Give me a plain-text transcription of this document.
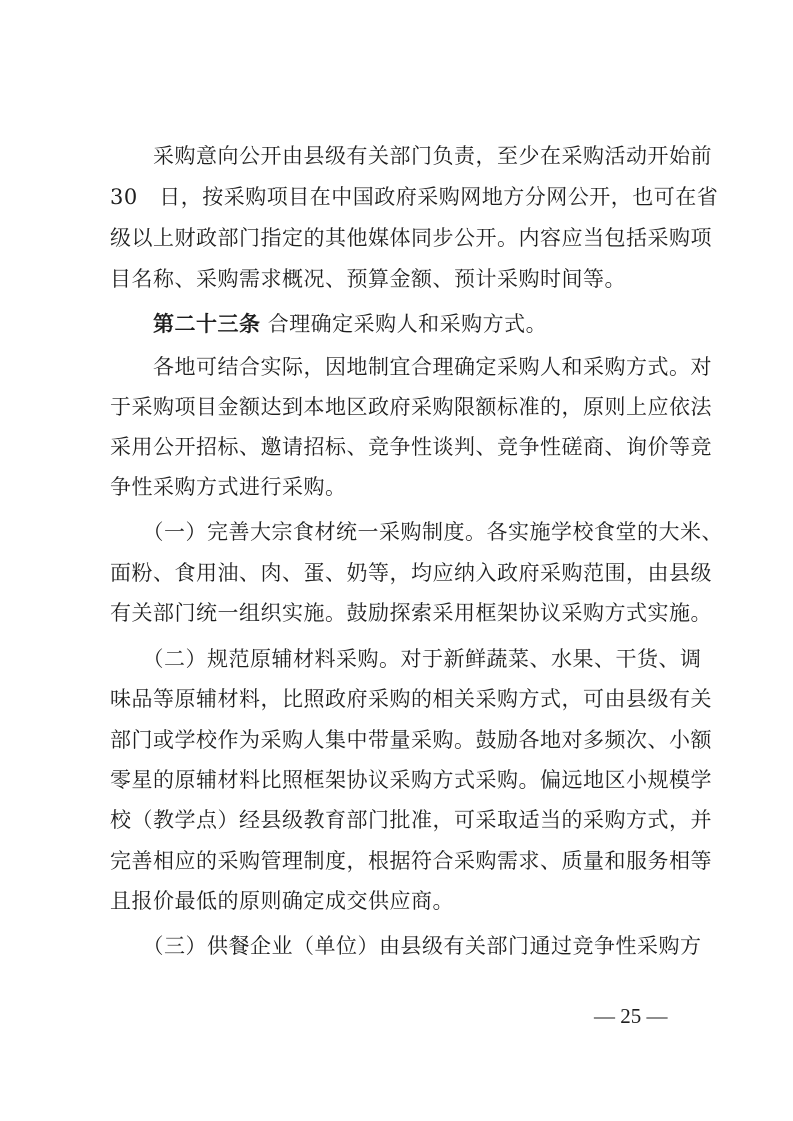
　　采购意向公开由县级有关部门负责，至少在采购活动开始前
30　日，按采购项目在中国政府采购网地方分网公开，也可在省
级以上财政部门指定的其他媒体同步公开。内容应当包括采购项
目名称、采购需求概况、预算金额、预计采购时间等。
　　第二十三条 合理确定采购人和采购方式。
　　各地可结合实际，因地制宜合理确定采购人和采购方式。对
于采购项目金额达到本地区政府采购限额标准的，原则上应依法
采用公开招标、邀请招标、竞争性谈判、竞争性磋商、询价等竞
争性采购方式进行采购。
　　（一）完善大宗食材统一采购制度。各实施学校食堂的大米、
面粉、食用油、肉、蛋、奶等，均应纳入政府采购范围，由县级
有关部门统一组织实施。鼓励探索采用框架协议采购方式实施。
　　（二）规范原辅材料采购。对于新鲜蔬菜、水果、干货、调
味品等原辅材料，比照政府采购的相关采购方式，可由县级有关
部门或学校作为采购人集中带量采购。鼓励各地对多频次、小额
零星的原辅材料比照框架协议采购方式采购。偏远地区小规模学
校（教学点）经县级教育部门批准，可采取适当的采购方式，并
完善相应的采购管理制度，根据符合采购需求、质量和服务相等
且报价最低的原则确定成交供应商。
　　（三）供餐企业（单位）由县级有关部门通过竞争性采购方
— 25 —
